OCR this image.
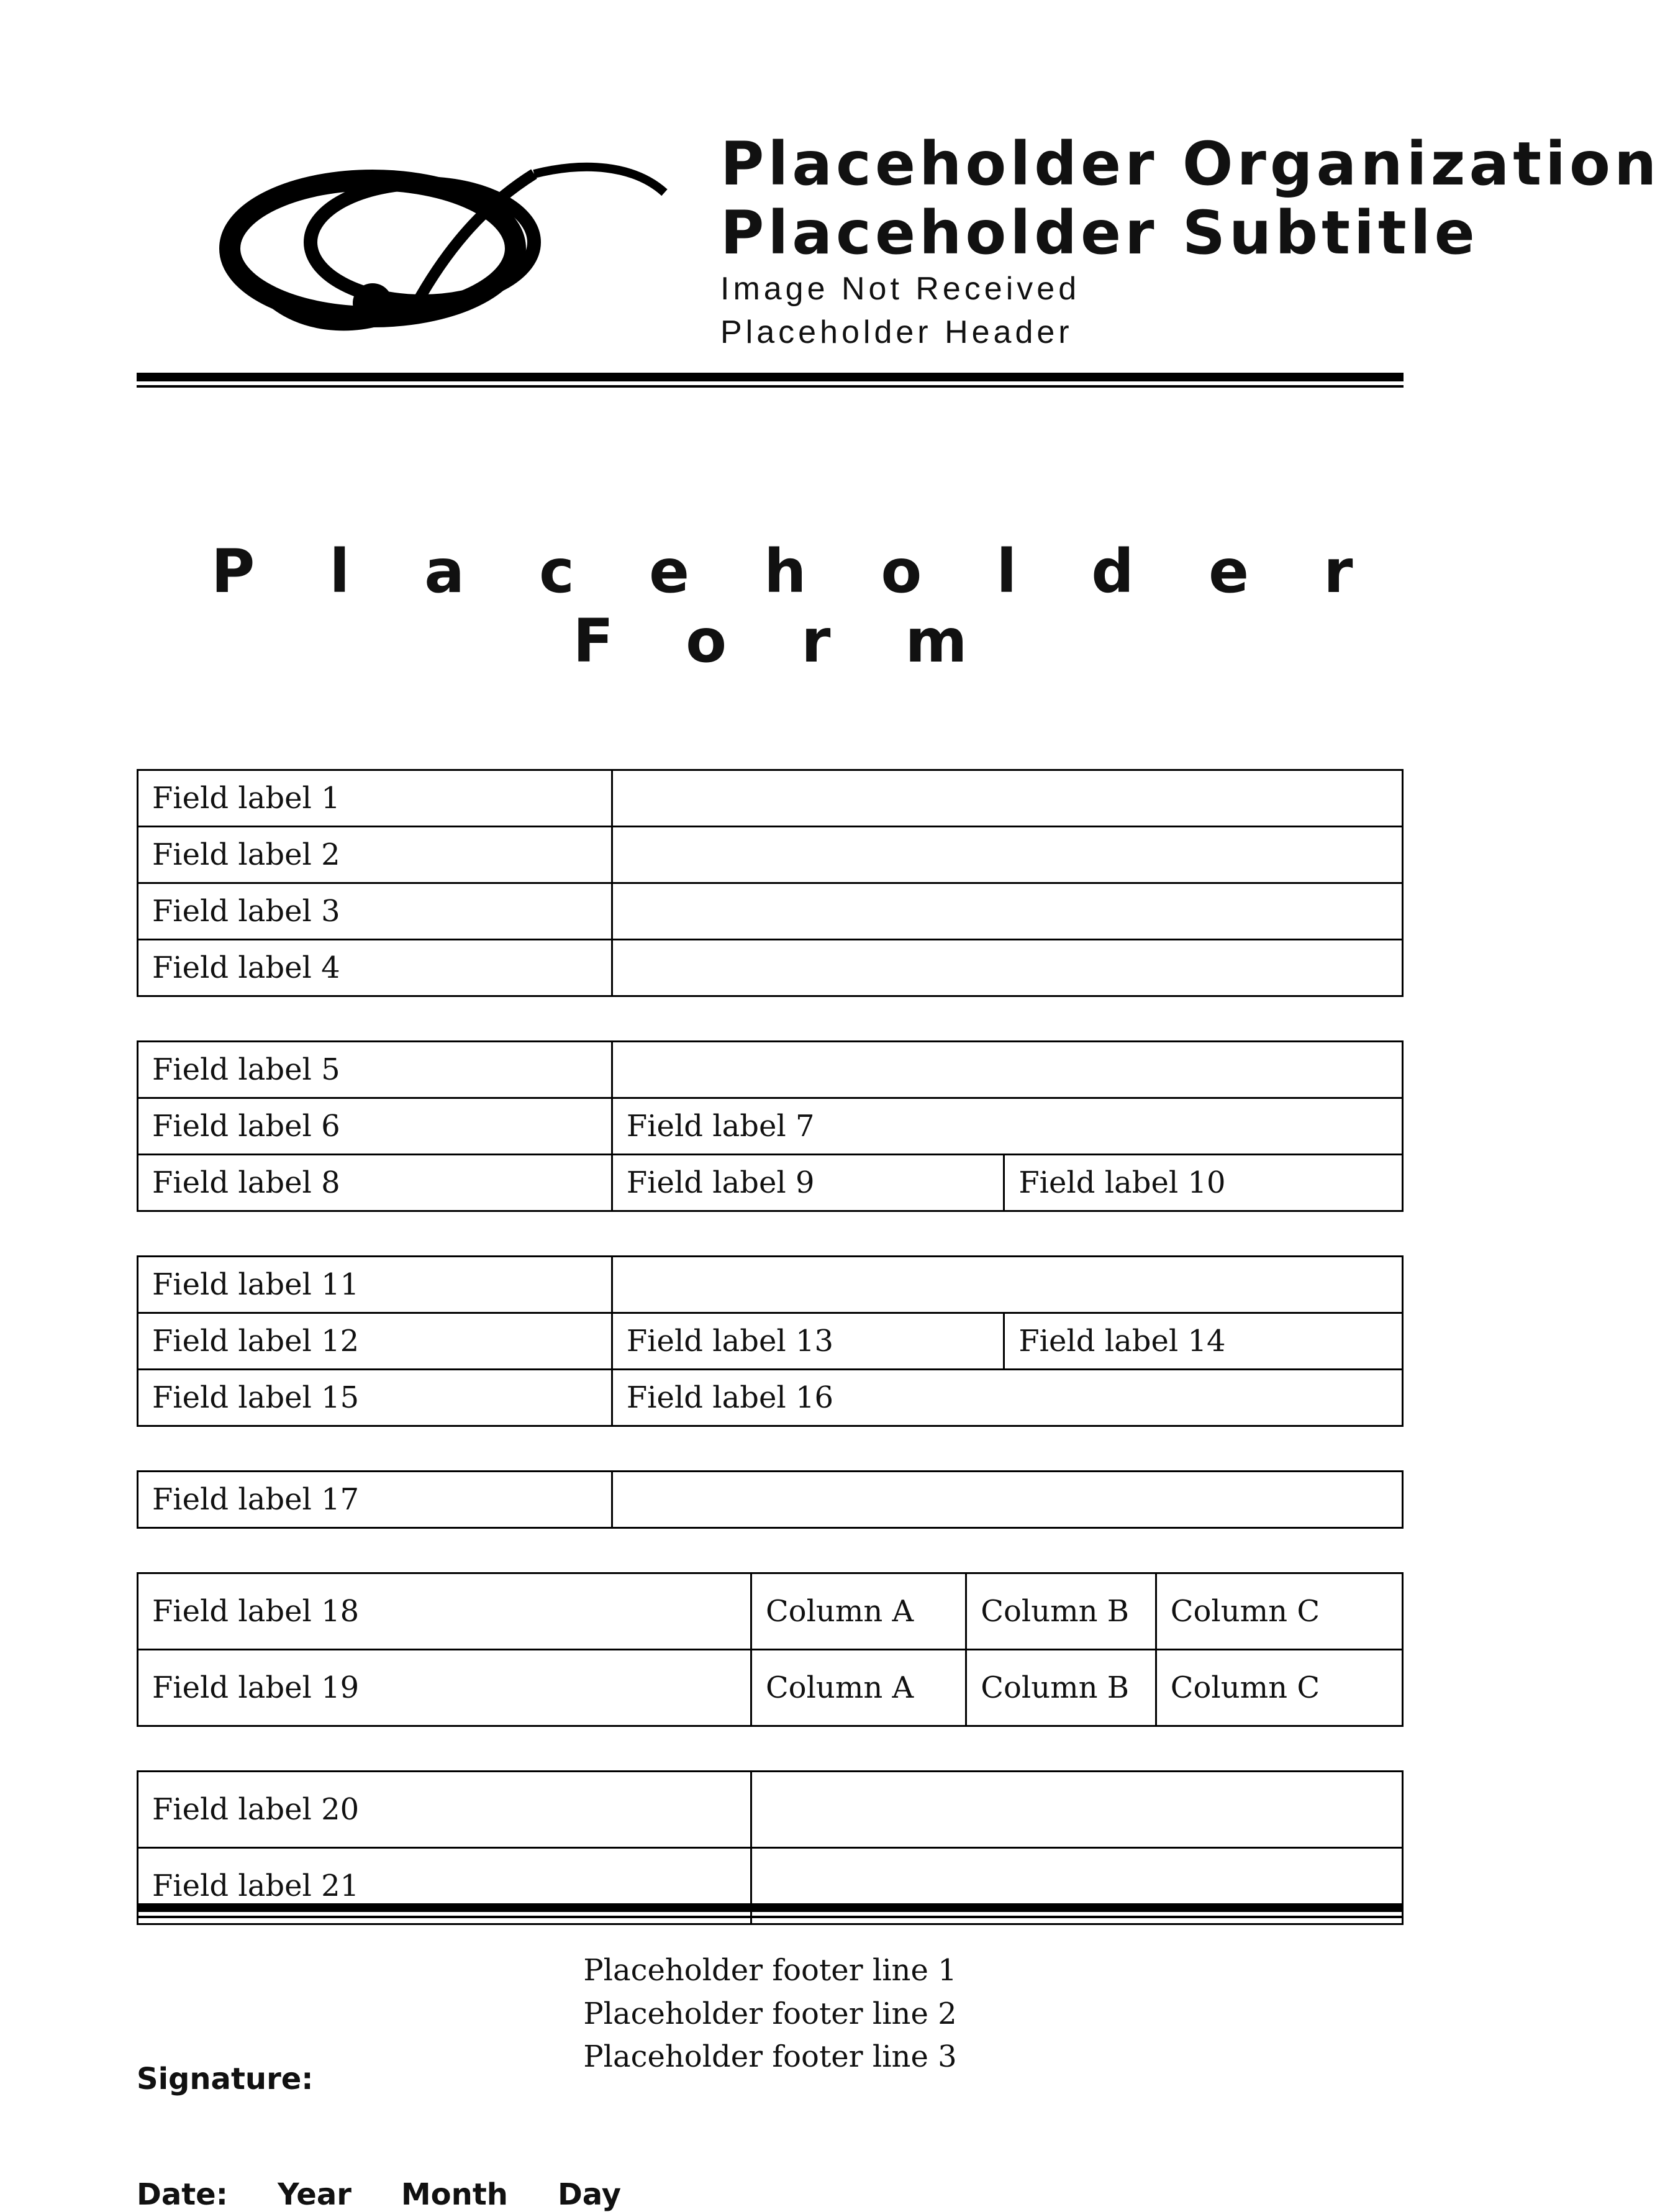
Placeholder Organization
Placeholder Subtitle
Image Not Received
Placeholder Header
Placeholder Form
Field label 1	
Field label 2	
Field label 3	
Field label 4	
Field label 5		
Field label 6	Field label 7	
Field label 8	Field label 9	Field label 10
Field label 11		
Field label 12	Field label 13	Field label 14
Field label 15	Field label 16	
Field label 17	
Field label 18	Column A	Column B	Column C
Field label 19	Column A	Column B	Column C
Field label 20	
Field label 21	
Signature:
Date: Year Month Day
Placeholder footer line 1
Placeholder footer line 2
Placeholder footer line 3
